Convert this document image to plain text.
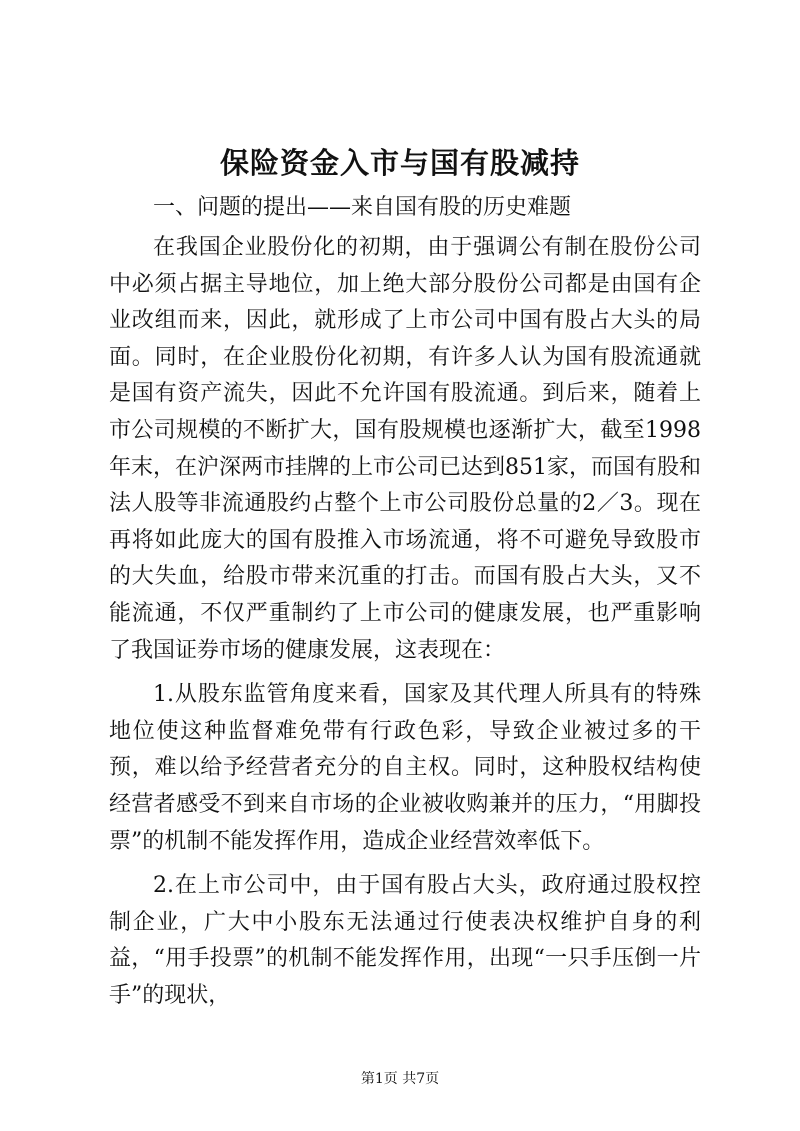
保险资金入市与国有股减持

一、问题的提出——来自国有股的历史难题

在我国企业股份化的初期，由于强调公有制在股份公司中必须占据主导地位，加上绝大部分股份公司都是由国有企业改组而来，因此，就形成了上市公司中国有股占大头的局面。同时，在企业股份化初期，有许多人认为国有股流通就是国有资产流失，因此不允许国有股流通。到后来，随着上市公司规模的不断扩大，国有股规模也逐渐扩大，截至1998年末，在沪深两市挂牌的上市公司已达到851家，而国有股和法人股等非流通股约占整个上市公司股份总量的2／3。现在再将如此庞大的国有股推入市场流通，将不可避免导致股市的大失血，给股市带来沉重的打击。而国有股占大头，又不能流通，不仅严重制约了上市公司的健康发展，也严重影响了我国证券市场的健康发展，这表现在：

1.从股东监管角度来看，国家及其代理人所具有的特殊地位使这种监督难免带有行政色彩，导致企业被过多的干预，难以给予经营者充分的自主权。同时，这种股权结构使经营者感受不到来自市场的企业被收购兼并的压力，“用脚投票”的机制不能发挥作用，造成企业经营效率低下。

2.在上市公司中，由于国有股占大头，政府通过股权控制企业，广大中小股东无法通过行使表决权维护自身的利益，“用手投票”的机制不能发挥作用，出现“一只手压倒一片手”的现状，

第1页 共7页
